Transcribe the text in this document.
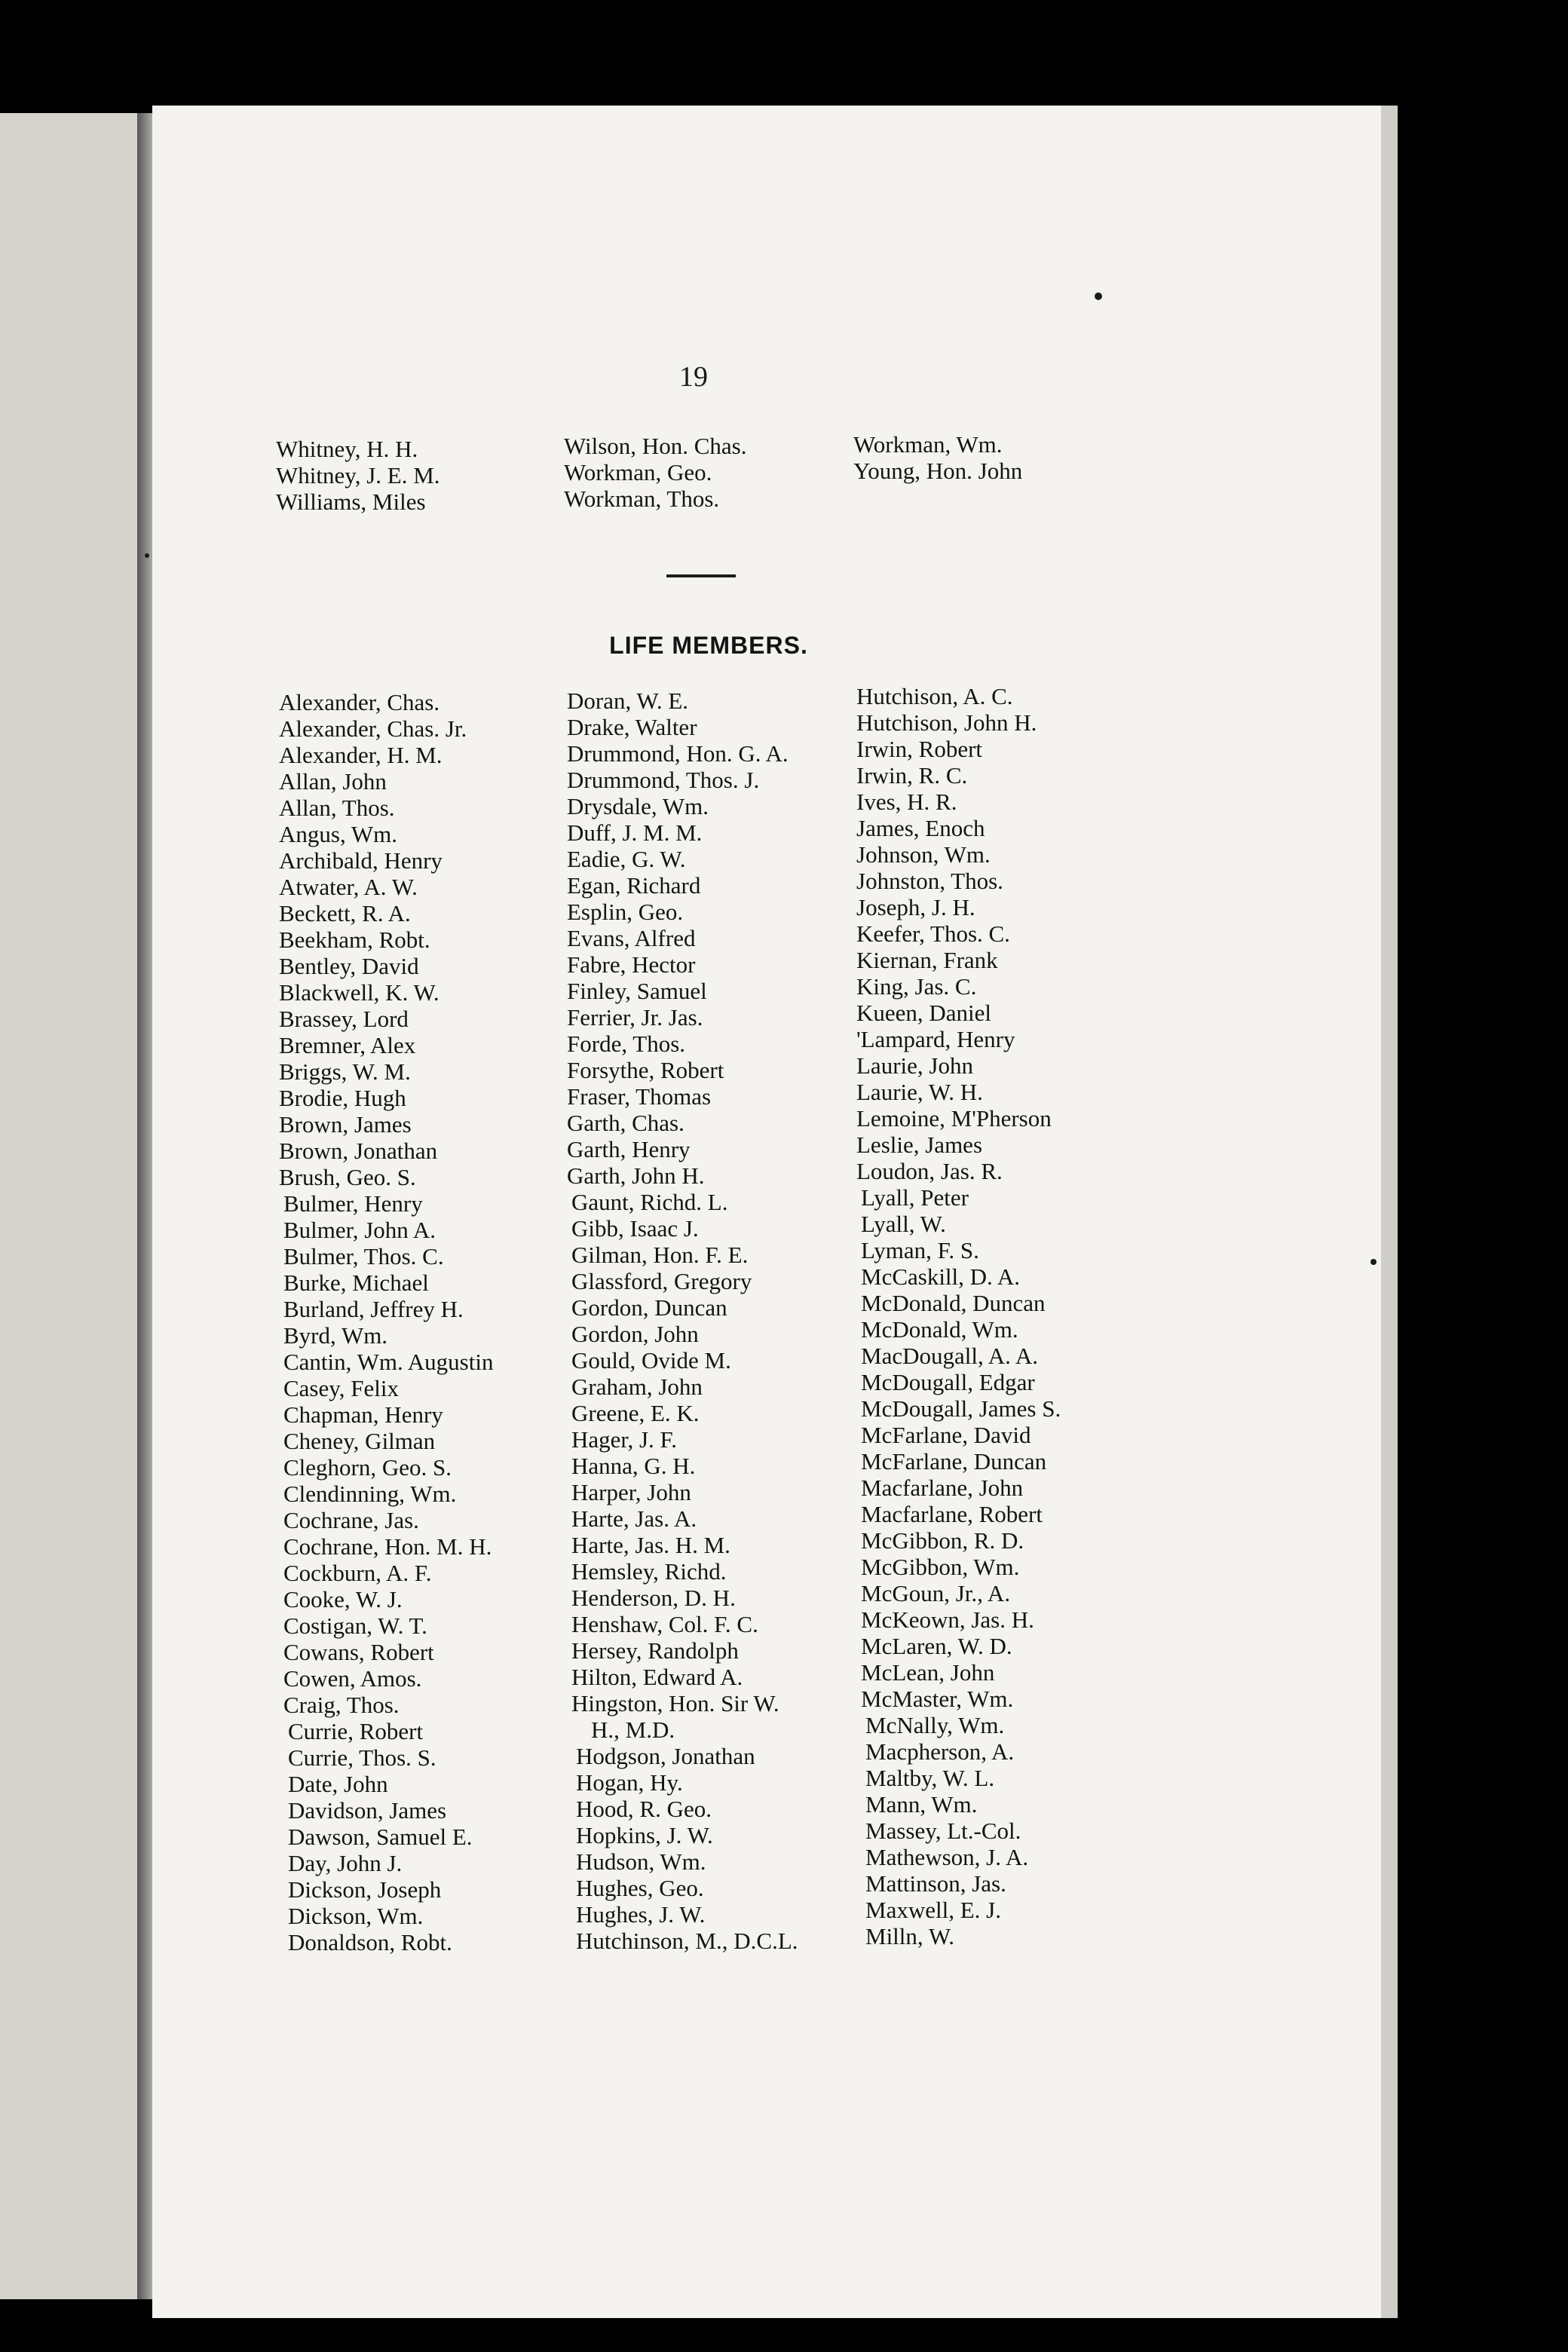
19
Whitney, H. H.
Whitney, J. E. M.
Williams, Miles
Wilson, Hon. Chas.
Workman, Geo.
Workman, Thos.
Workman, Wm.
Young, Hon. John
LIFE MEMBERS.
Alexander, Chas.
Alexander, Chas. Jr.
Alexander, H. M.
Allan, John
Allan, Thos.
Angus, Wm.
Archibald, Henry
Atwater, A. W.
Beckett, R. A.
Beekham, Robt.
Bentley, David
Blackwell, K. W.
Brassey, Lord
Bremner, Alex
Briggs, W. M.
Brodie, Hugh
Brown, James
Brown, Jonathan
Brush, Geo. S.
Bulmer, Henry
Bulmer, John A.
Bulmer, Thos. C.
Burke, Michael
Burland, Jeffrey H.
Byrd, Wm.
Cantin, Wm. Augustin
Casey, Felix
Chapman, Henry
Cheney, Gilman
Cleghorn, Geo. S.
Clendinning, Wm.
Cochrane, Jas.
Cochrane, Hon. M. H.
Cockburn, A. F.
Cooke, W. J.
Costigan, W. T.
Cowans, Robert
Cowen, Amos.
Craig, Thos.
Currie, Robert
Currie, Thos. S.
Date, John
Davidson, James
Dawson, Samuel E.
Day, John J.
Dickson, Joseph
Dickson, Wm.
Donaldson, Robt.
Doran, W. E.
Drake, Walter
Drummond, Hon. G. A.
Drummond, Thos. J.
Drysdale, Wm.
Duff, J. M. M.
Eadie, G. W.
Egan, Richard
Esplin, Geo.
Evans, Alfred
Fabre, Hector
Finley, Samuel
Ferrier, Jr. Jas.
Forde, Thos.
Forsythe, Robert
Fraser, Thomas
Garth, Chas.
Garth, Henry
Garth, John H.
Gaunt, Richd. L.
Gibb, Isaac J.
Gilman, Hon. F. E.
Glassford, Gregory
Gordon, Duncan
Gordon, John
Gould, Ovide M.
Graham, John
Greene, E. K.
Hager, J. F.
Hanna, G. H.
Harper, John
Harte, Jas. A.
Harte, Jas. H. M.
Hemsley, Richd.
Henderson, D. H.
Henshaw, Col. F. C.
Hersey, Randolph
Hilton, Edward A.
Hingston, Hon. Sir W.
H., M.D.
Hodgson, Jonathan
Hogan, Hy.
Hood, R. Geo.
Hopkins, J. W.
Hudson, Wm.
Hughes, Geo.
Hughes, J. W.
Hutchinson, M., D.C.L.
Hutchison, A. C.
Hutchison, John H.
Irwin, Robert
Irwin, R. C.
Ives, H. R.
James, Enoch
Johnson, Wm.
Johnston, Thos.
Joseph, J. H.
Keefer, Thos. C.
Kiernan, Frank
King, Jas. C.
Kueen, Daniel
'Lampard, Henry
Laurie, John
Laurie, W. H.
Lemoine, M'Pherson
Leslie, James
Loudon, Jas. R.
Lyall, Peter
Lyall, W.
Lyman, F. S.
McCaskill, D. A.
McDonald, Duncan
McDonald, Wm.
MacDougall, A. A.
McDougall, Edgar
McDougall, James S.
McFarlane, David
McFarlane, Duncan
Macfarlane, John
Macfarlane, Robert
McGibbon, R. D.
McGibbon, Wm.
McGoun, Jr., A.
McKeown, Jas. H.
McLaren, W. D.
McLean, John
McMaster, Wm.
McNally, Wm.
Macpherson, A.
Maltby, W. L.
Mann, Wm.
Massey, Lt.-Col.
Mathewson, J. A.
Mattinson, Jas.
Maxwell, E. J.
Milln, W.
